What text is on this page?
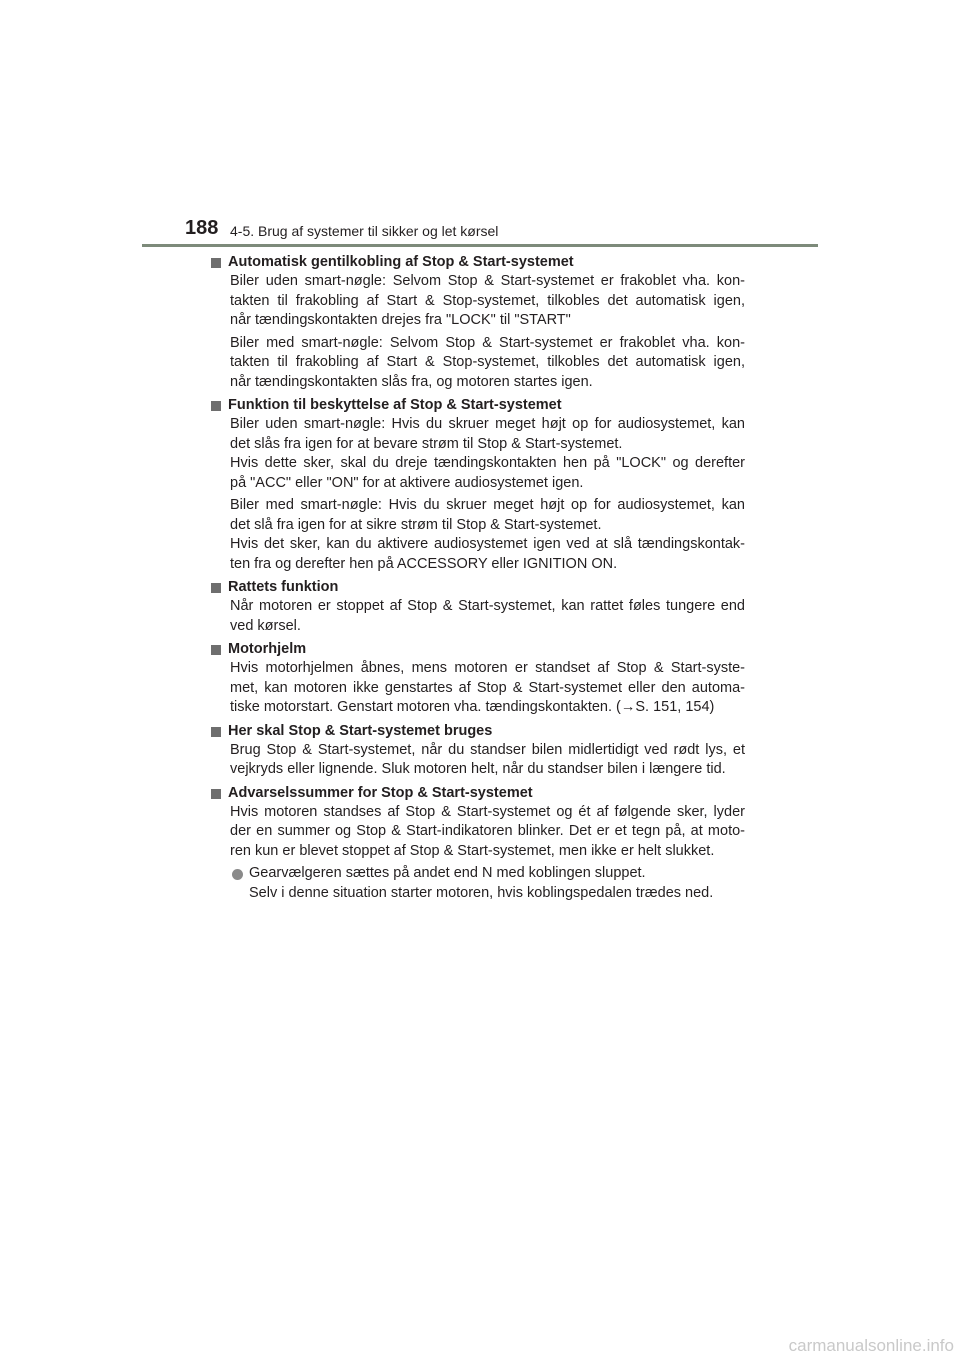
188 4-5. Brug af systemer til sikker og let kørsel
Automatisk gentilkobling af Stop & Start-systemet
Biler uden smart-nøgle: Selvom Stop & Start-systemet er frakoblet vha. kon-
takten til frakobling af Start & Stop-systemet, tilkobles det automatisk igen,
når tændingskontakten drejes fra "LOCK" til "START"
Biler med smart-nøgle: Selvom Stop & Start-systemet er frakoblet vha. kon-
takten til frakobling af Start & Stop-systemet, tilkobles det automatisk igen,
når tændingskontakten slås fra, og motoren startes igen.
Funktion til beskyttelse af Stop & Start-systemet
Biler uden smart-nøgle: Hvis du skruer meget højt op for audiosystemet, kan
det slås fra igen for at bevare strøm til Stop & Start-systemet.
Hvis dette sker, skal du dreje tændingskontakten hen på "LOCK" og derefter
på "ACC" eller "ON" for at aktivere audiosystemet igen.
Biler med smart-nøgle: Hvis du skruer meget højt op for audiosystemet, kan
det slå fra igen for at sikre strøm til Stop & Start-systemet.
Hvis det sker, kan du aktivere audiosystemet igen ved at slå tændingskontak-
ten fra og derefter hen på ACCESSORY eller IGNITION ON.
Rattets funktion
Når motoren er stoppet af Stop & Start-systemet, kan rattet føles tungere end
ved kørsel.
Motorhjelm
Hvis motorhjelmen åbnes, mens motoren er standset af Stop & Start-syste-
met, kan motoren ikke genstartes af Stop & Start-systemet eller den automa-
tiske motorstart. Genstart motoren vha. tændingskontakten. (→S. 151, 154)
Her skal Stop & Start-systemet bruges
Brug Stop & Start-systemet, når du standser bilen midlertidigt ved rødt lys, et
vejkryds eller lignende. Sluk motoren helt, når du standser bilen i længere tid.
Advarselssummer for Stop & Start-systemet
Hvis motoren standses af Stop & Start-systemet og ét af følgende sker, lyder
der en summer og Stop & Start-indikatoren blinker. Det er et tegn på, at moto-
ren kun er blevet stoppet af Stop & Start-systemet, men ikke er helt slukket.
Gearvælgeren sættes på andet end N med koblingen sluppet.
Selv i denne situation starter motoren, hvis koblingspedalen trædes ned.
carmanualsonline.info
